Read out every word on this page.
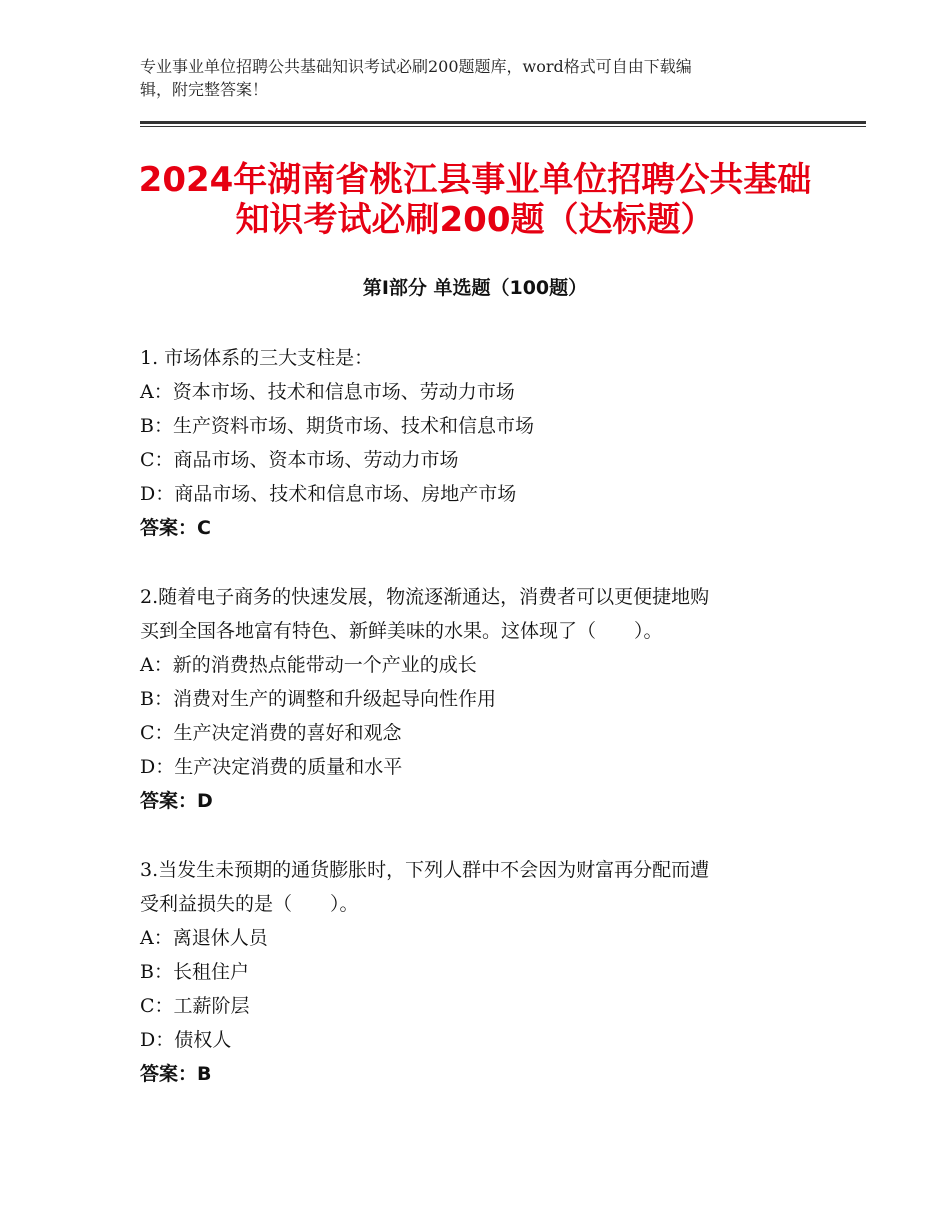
专业事业单位招聘公共基础知识考试必刷200题题库，word格式可自由下载编
辑，附完整答案！
2024年湖南省桃江县事业单位招聘公共基础
知识考试必刷200题（达标题）
第Ⅰ部分 单选题（100题）

1. 市场体系的三大支柱是：

A：资本市场、技术和信息市场、劳动力市场

B：生产资料市场、期货市场、技术和信息市场

C：商品市场、资本市场、劳动力市场

D：商品市场、技术和信息市场、房地产市场

答案：C

2.随着电子商务的快速发展，物流逐渐通达，消费者可以更便捷地购

买到全国各地富有特色、新鲜美味的水果。这体现了（　　）。

A：新的消费热点能带动一个产业的成长

B：消费对生产的调整和升级起导向性作用

C：生产决定消费的喜好和观念

D：生产决定消费的质量和水平

答案：D

3.当发生未预期的通货膨胀时，下列人群中不会因为财富再分配而遭

受利益损失的是（　　）。

A：离退休人员

B：长租住户

C：工薪阶层

D：债权人

答案：B
